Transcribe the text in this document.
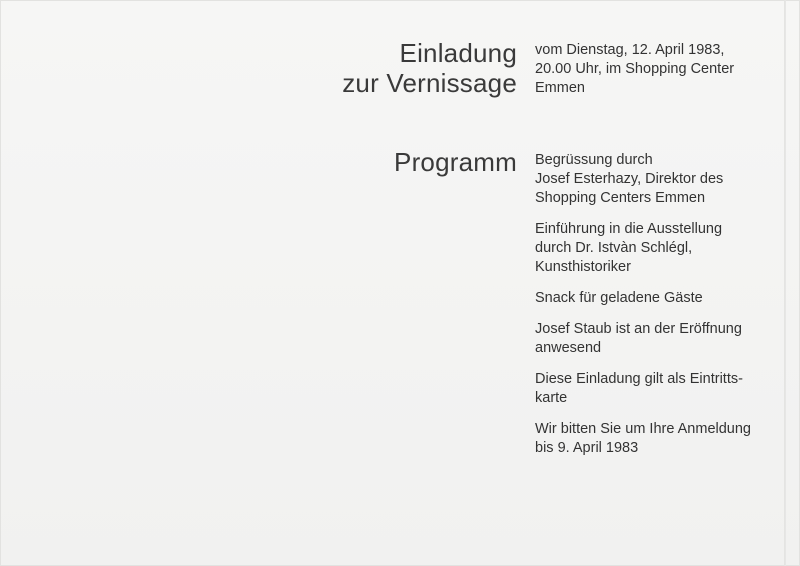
Einladung
zur Vernissage
vom Dienstag, 12. April 1983,
20.00 Uhr, im Shopping Center
Emmen
Programm Begrüssung durch
Josef Esterhazy, Direktor des
Shopping Centers Emmen
Einführung in die Ausstellung
durch Dr. Istvàn Schlégl,
Kunsthistoriker
Snack für geladene Gäste
Josef Staub ist an der Eröffnung
anwesend
Diese Einladung gilt als Eintritts-
karte
Wir bitten Sie um Ihre Anmeldung
bis 9. April 1983
